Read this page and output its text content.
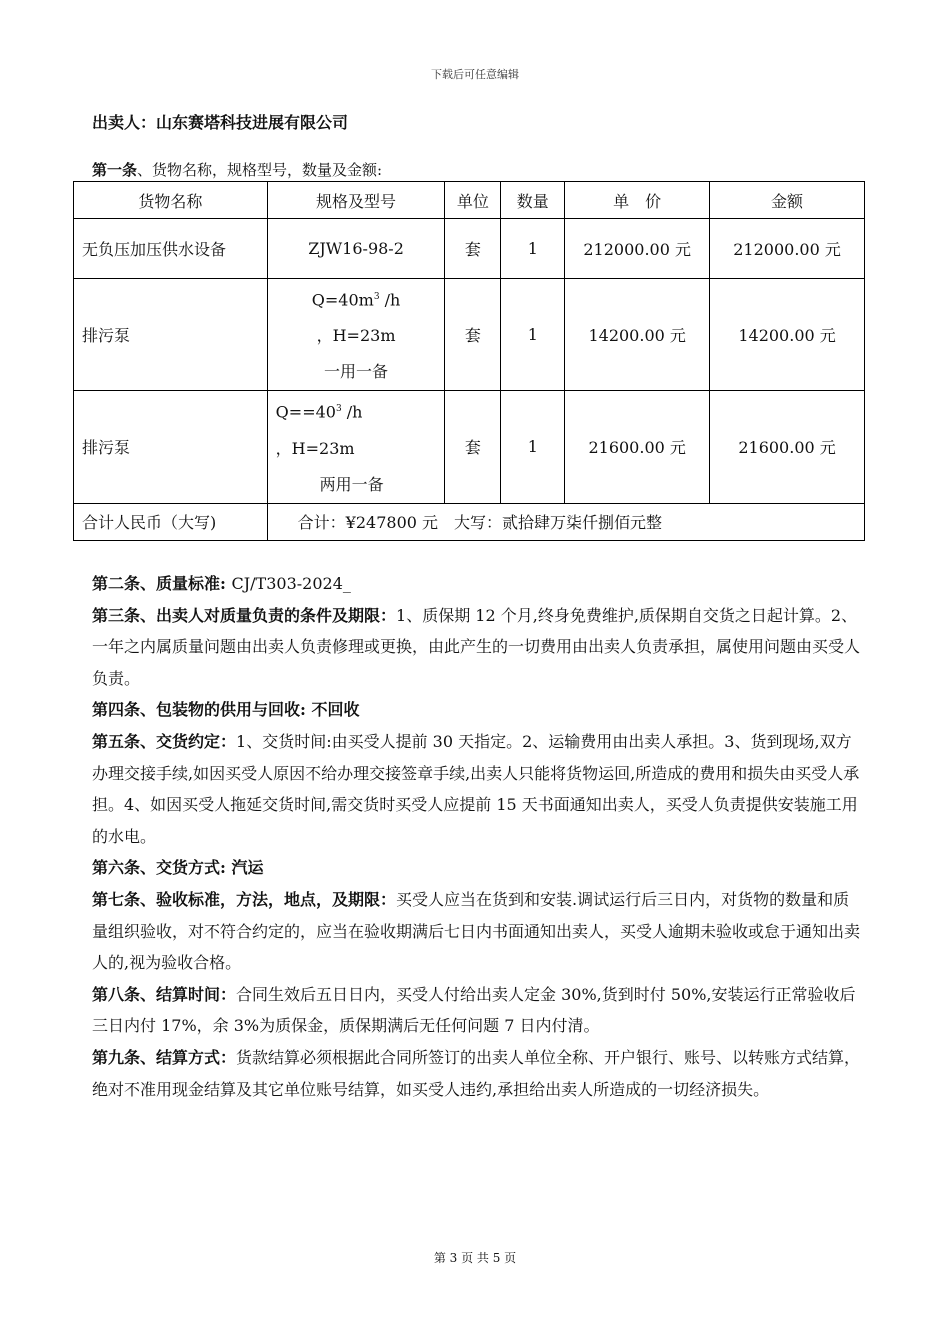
下载后可任意编辑
出卖人：山东赛塔科技进展有限公司
第一条、货物名称，规格型号，数量及金额:
货物名称	规格及型号	单位	数量	单　价	金额
无负压加压供水设备	ZJW16-98-2	套	1	212000.00 元	212000.00 元
排污泵	$Q=40m^3$ /h
，H=23m
一用一备	套	1	14200.00 元	14200.00 元
排污泵	$Q==40^3$ /h
，H=23m
两用一备	套	1	21600.00 元	21600.00 元
合计人民币（大写)	合计：¥247800 元　大写：贰拾肆万柒仟捌佰元整				

第二条、质量标准: CJ/T303-2024_

第三条、出卖人对质量负责的条件及期限：1、质保期 12 个月,终身免费维护,质保期自交货之日起计算。2、一年之内属质量问题由出卖人负责修理或更换，由此产生的一切费用由出卖人负责承担，属使用问题由买受人负责。

第四条、包装物的供用与回收: 不回收

第五条、交货约定：1、交货时间:由买受人提前 30 天指定。2、运输费用由出卖人承担。3、货到现场,双方办理交接手续,如因买受人原因不给办理交接签章手续,出卖人只能将货物运回,所造成的费用和损失由买受人承担。4、如因买受人拖延交货时间,需交货时买受人应提前 15 天书面通知出卖人，买受人负责提供安装施工用的水电。

第六条、交货方式: 汽运

第七条、验收标准，方法，地点，及期限：买受人应当在货到和安装.调试运行后三日内，对货物的数量和质量组织验收，对不符合约定的，应当在验收期满后七日内书面通知出卖人，买受人逾期未验收或怠于通知出卖人的,视为验收合格。

第八条、结算时间：合同生效后五日日内，买受人付给出卖人定金 30%,货到时付 50%,安装运行正常验收后三日内付 17%，余 3%为质保金，质保期满后无任何问题 7 日内付清。

第九条、结算方式：货款结算必须根据此合同所签订的出卖人单位全称、开户银行、账号、以转账方式结算，绝对不准用现金结算及其它单位账号结算，如买受人违约,承担给出卖人所造成的一切经济损失。

第 3 页 共 5 页
